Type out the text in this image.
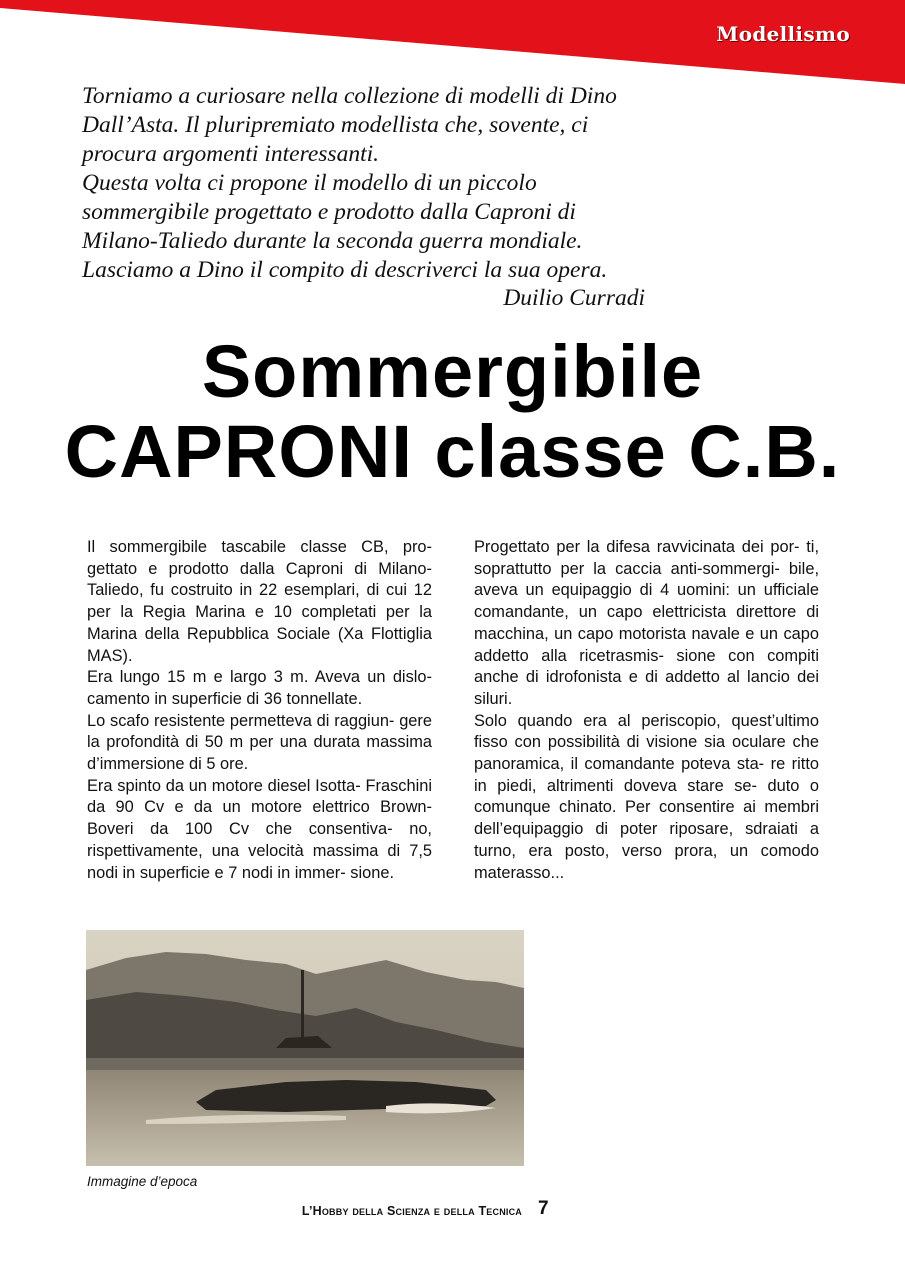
Modellismo

Torniamo a curiosare nella collezione di modelli di Dino

Dall’Asta. Il pluripremiato modellista che, sovente, ci

procura argomenti interessanti.

Questa volta ci propone il modello di un piccolo

sommergibile progettato e prodotto dalla Caproni di

Milano-Taliedo durante la seconda guerra mondiale.

Lasciamo a Dino il compito di descriverci la sua opera.

Duilio Curradi
Sommergibile
CAPRONI classe C.B.

Il sommergibile tascabile classe CB, pro- gettato e prodotto dalla Caproni di Milano- Taliedo, fu costruito in 22 esemplari, di cui 12 per la Regia Marina e 10 completati per la Marina della Repubblica Sociale (Xa Flottiglia MAS).

Era lungo 15 m e largo 3 m. Aveva un dislo- camento in superficie di 36 tonnellate.

Lo scafo resistente permetteva di raggiun- gere la profondità di 50 m per una durata massima d’immersione di 5 ore.

Era spinto da un motore diesel Isotta- Fraschini da 90 Cv e da un motore elettrico Brown-Boveri da 100 Cv che consentiva- no, rispettivamente, una velocità massima di 7,5 nodi in superficie e 7 nodi in immer- sione.

Progettato per la difesa ravvicinata dei por- ti, soprattutto per la caccia anti-sommergi- bile, aveva un equipaggio di 4 uomini: un ufficiale comandante, un capo elettricista direttore di macchina, un capo motorista navale e un capo addetto alla ricetrasmis- sione con compiti anche di idrofonista e di addetto al lancio dei siluri.

Solo quando era al periscopio, quest’ultimo fisso con possibilità di visione sia oculare che panoramica, il comandante poteva sta- re ritto in piedi, altrimenti doveva stare se- duto o comunque chinato. Per consentire ai membri dell’equipaggio di poter riposare, sdraiati a turno, era posto, verso prora, un comodo materasso...

Immagine d’epoca
L’Hobby della Scienza e della Tecnica 7
